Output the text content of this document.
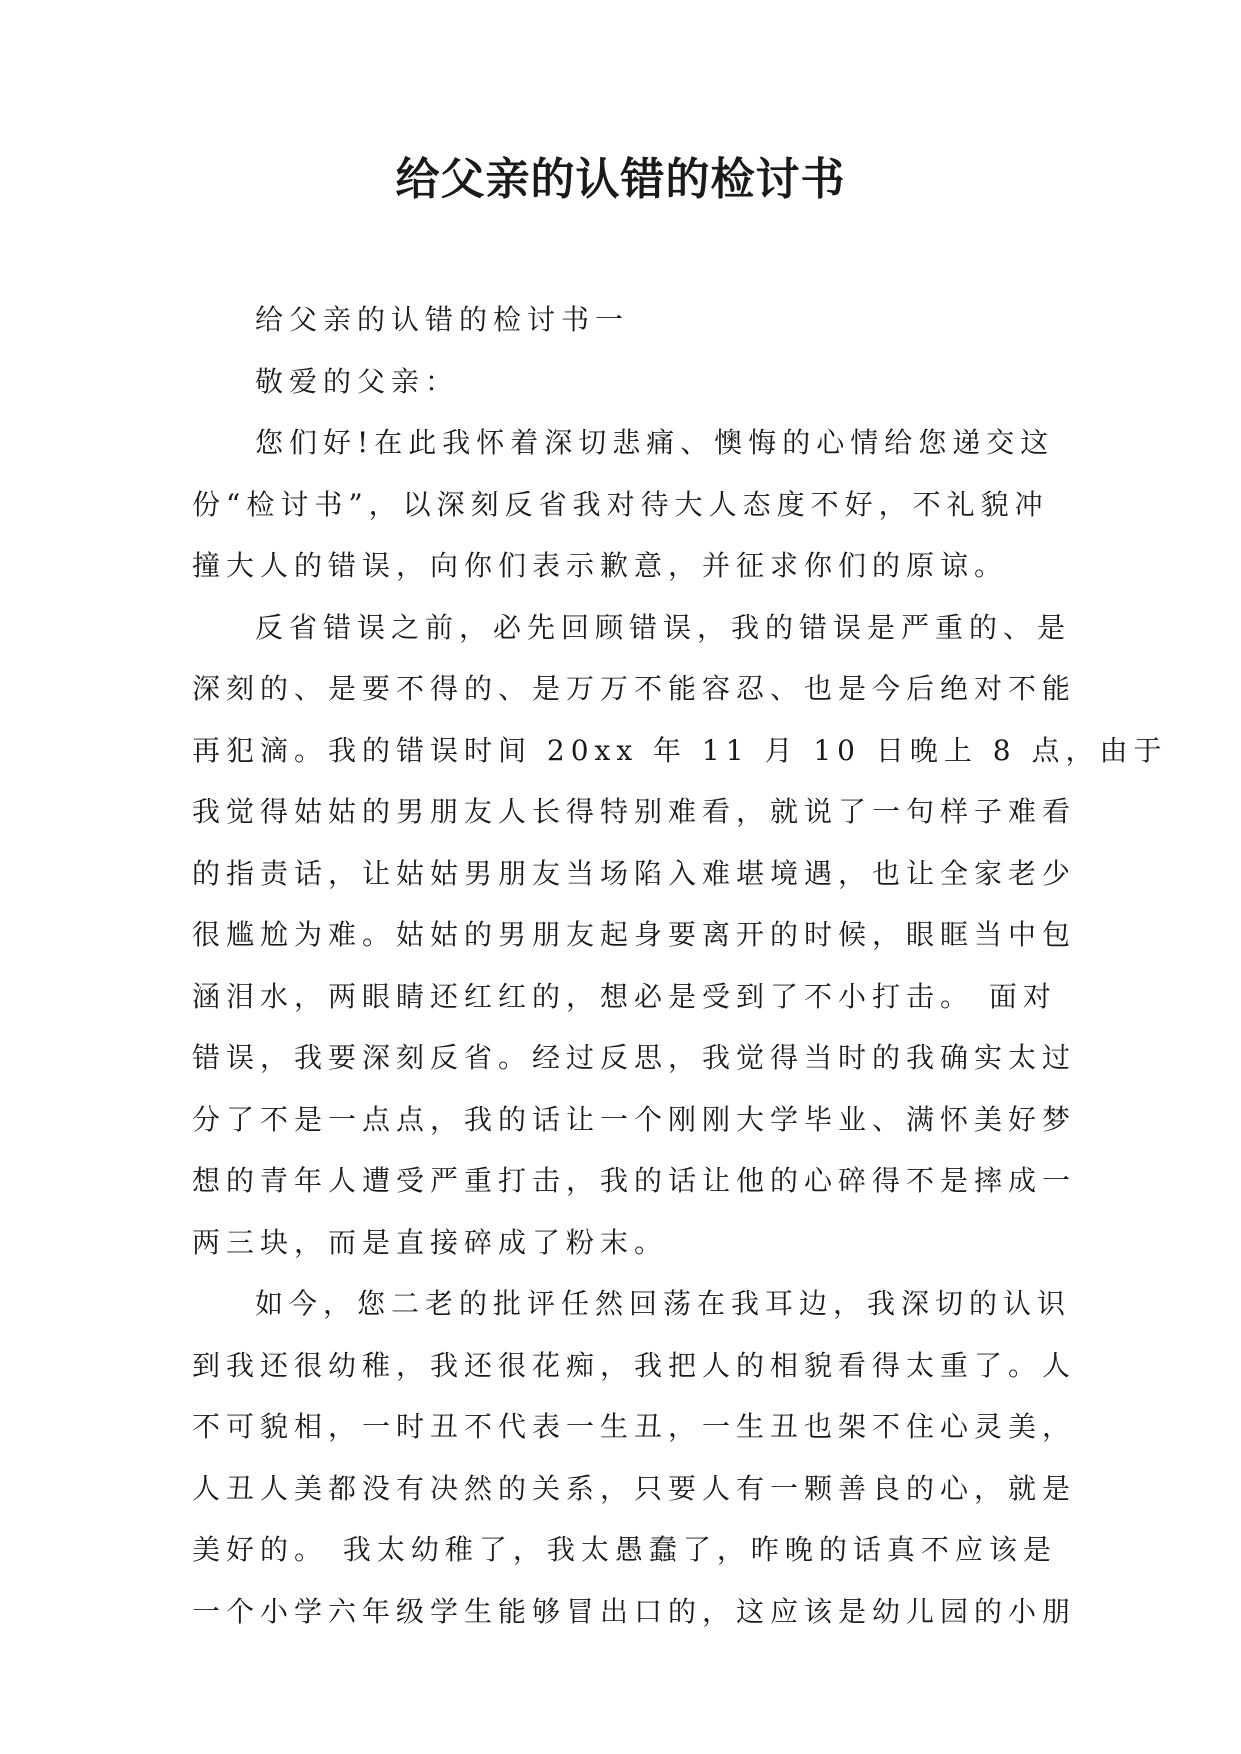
给父亲的认错的检讨书
给父亲的认错的检讨书一
敬爱的父亲：
您们好!在此我怀着深切悲痛、懊悔的心情给您递交这
份“检讨书”，以深刻反省我对待大人态度不好，不礼貌冲
撞大人的错误，向你们表示歉意，并征求你们的原谅。
反省错误之前，必先回顾错误，我的错误是严重的、是
深刻的、是要不得的、是万万不能容忍、也是今后绝对不能
再犯滴。我的错误时间 20xx 年 11 月 10 日晚上 8 点，由于
我觉得姑姑的男朋友人长得特别难看，就说了一句样子难看
的指责话，让姑姑男朋友当场陷入难堪境遇，也让全家老少
很尴尬为难。姑姑的男朋友起身要离开的时候，眼眶当中包
涵泪水，两眼睛还红红的，想必是受到了不小打击。 面对
错误，我要深刻反省。经过反思，我觉得当时的我确实太过
分了不是一点点，我的话让一个刚刚大学毕业、满怀美好梦
想的青年人遭受严重打击，我的话让他的心碎得不是摔成一
两三块，而是直接碎成了粉末。
如今，您二老的批评任然回荡在我耳边，我深切的认识
到我还很幼稚，我还很花痴，我把人的相貌看得太重了。人
不可貌相，一时丑不代表一生丑，一生丑也架不住心灵美，
人丑人美都没有决然的关系，只要人有一颗善良的心，就是
美好的。 我太幼稚了，我太愚蠢了，昨晚的话真不应该是
一个小学六年级学生能够冒出口的，这应该是幼儿园的小朋
